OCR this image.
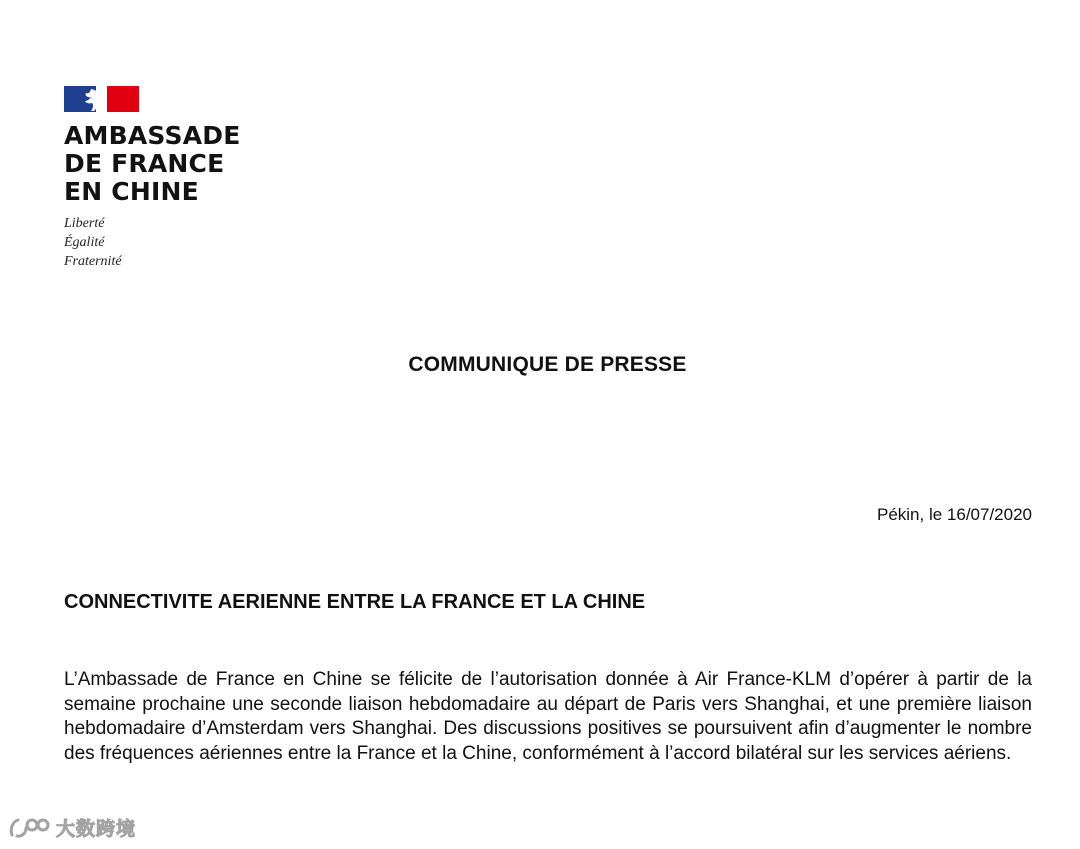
AMBASSADE
DE FRANCE
EN CHINE
Liberté
Égalité
Fraternité
COMMUNIQUE DE PRESSE
Pékin, le 16/07/2020
CONNECTIVITE AERIENNE ENTRE LA FRANCE ET LA CHINE
L’Ambassade de France en Chine se félicite de l’autorisation donnée à Air France-KLM d’opérer à partir de la semaine prochaine une seconde liaison hebdomadaire au départ de Paris vers Shanghai, et une première liaison hebdomadaire d’Amsterdam vers Shanghai. Des discussions positives se poursuivent afin d’augmenter le nombre des fréquences aériennes entre la France et la Chine, conformément à l’accord bilatéral sur les services aériens.
大数跨境
